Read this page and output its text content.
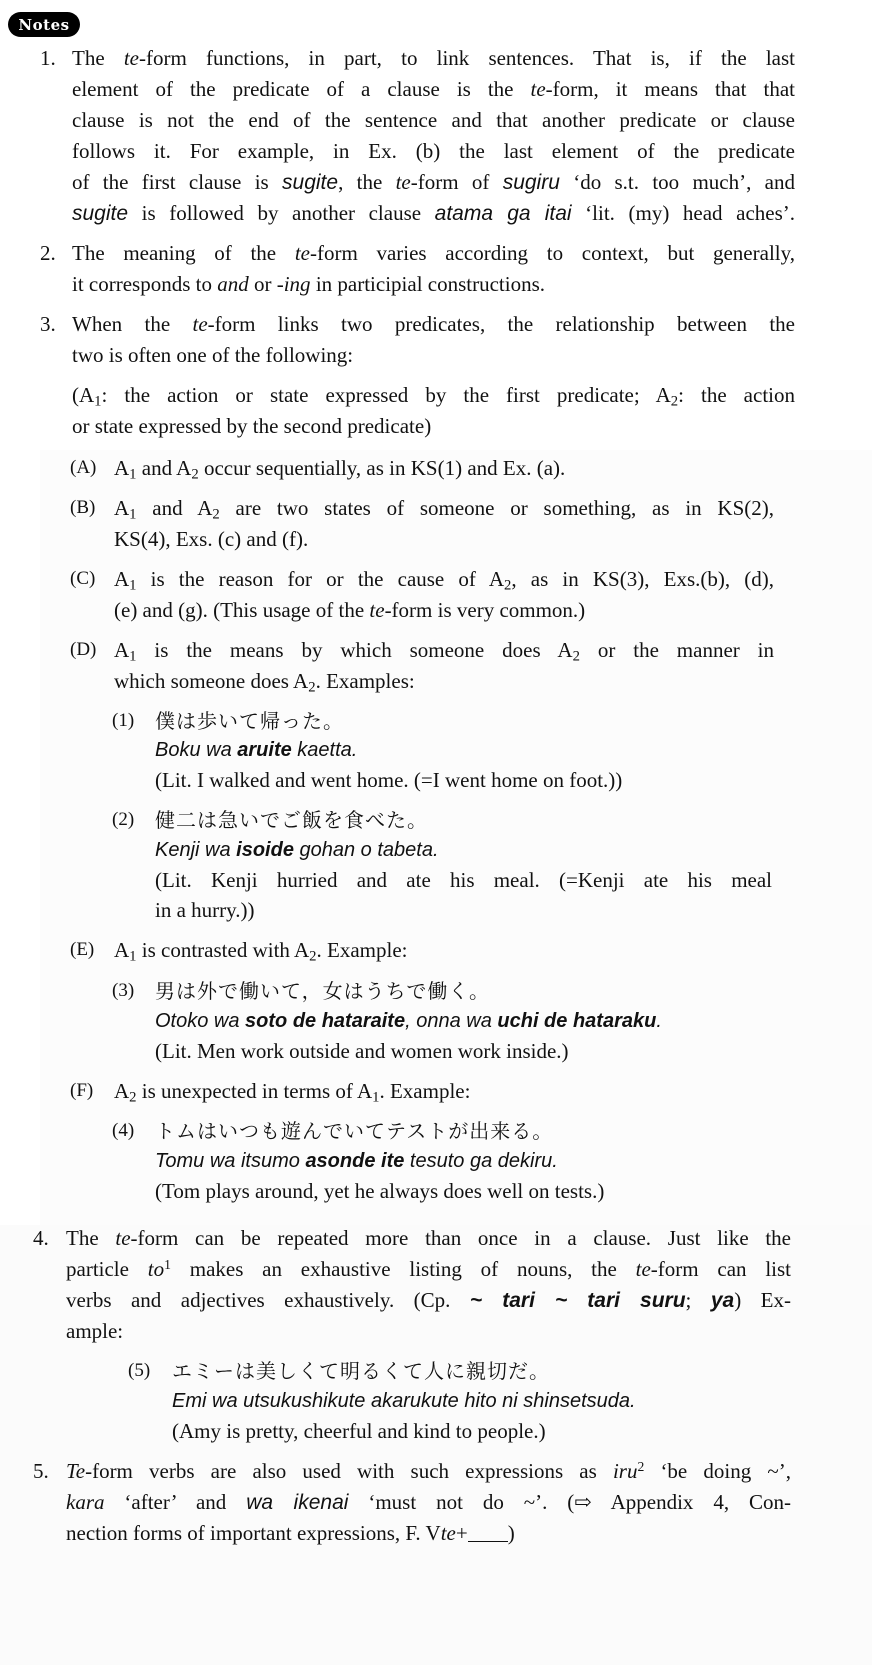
Notes
1. The te-form functions, in part, to link sentences. That is, if the last
element of the predicate of a clause is the te-form, it means that that
clause is not the end of the sentence and that another predicate or clause
follows it. For example, in Ex. (b) the last element of the predicate
of the first clause is sugite, the te-form of sugiru ‘do s.t. too much’, and
sugite is followed by another clause atama ga itai ‘lit. (my) head aches’.
2. The meaning of the te-form varies according to context, but generally,
it corresponds to and or -ing in participial constructions.
3. When the te-form links two predicates, the relationship between the
two is often one of the following:
($A_1$: the action or state expressed by the first predicate; $A_2$: the action
or state expressed by the second predicate)
(A) $A_1$ and $A_2$ occur sequentially, as in KS(1) and Ex. (a).
(B) $A_1$ and $A_2$ are two states of someone or something, as in KS(2),
KS(4), Exs. (c) and (f).
(C) $A_1$ is the reason for or the cause of $A_2$, as in KS(3), Exs.(b), (d),
(e) and (g). (This usage of the te-form is very common.)
(D) $A_1$ is the means by which someone does $A_2$ or the manner in
which someone does $A_2$. Examples:
(1) 僕は歩いて帰った。
Boku wa aruite kaetta.
(Lit. I walked and went home. (=I went home on foot.))
(2) 健二は急いでご飯を食べた。
Kenji wa isoide gohan o tabeta.
(Lit. Kenji hurried and ate his meal. (=Kenji ate his meal
in a hurry.))
(E) $A_1$ is contrasted with $A_2$. Example:
(3) 男は外で働いて，女はうちで働く。
Otoko wa soto de hataraite, onna wa uchi de hataraku.
(Lit. Men work outside and women work inside.)
(F) $A_2$ is unexpected in terms of $A_1$. Example:
(4) トムはいつも遊んでいてテストが出来る。
Tomu wa itsumo asonde ite tesuto ga dekiru.
(Tom plays around, yet he always does well on tests.)
4. The te-form can be repeated more than once in a clause. Just like the
particle $to^1$ makes an exhaustive listing of nouns, the te-form can list
verbs and adjectives exhaustively. (Cp. ~ tari ~ tari suru; ya) Ex-
ample:
(5) エミーは美しくて明るくて人に親切だ。
Emi wa utsukushikute akarukute hito ni shinsetsuda.
(Amy is pretty, cheerful and kind to people.)
5. Te-form verbs are also used with such expressions as iru$^2$ ‘be doing ~’,
kara ‘after’ and wa ikenai ‘must not do ~’. (⇨ Appendix 4, Con-
nection forms of important expressions, F. Vte+ )
